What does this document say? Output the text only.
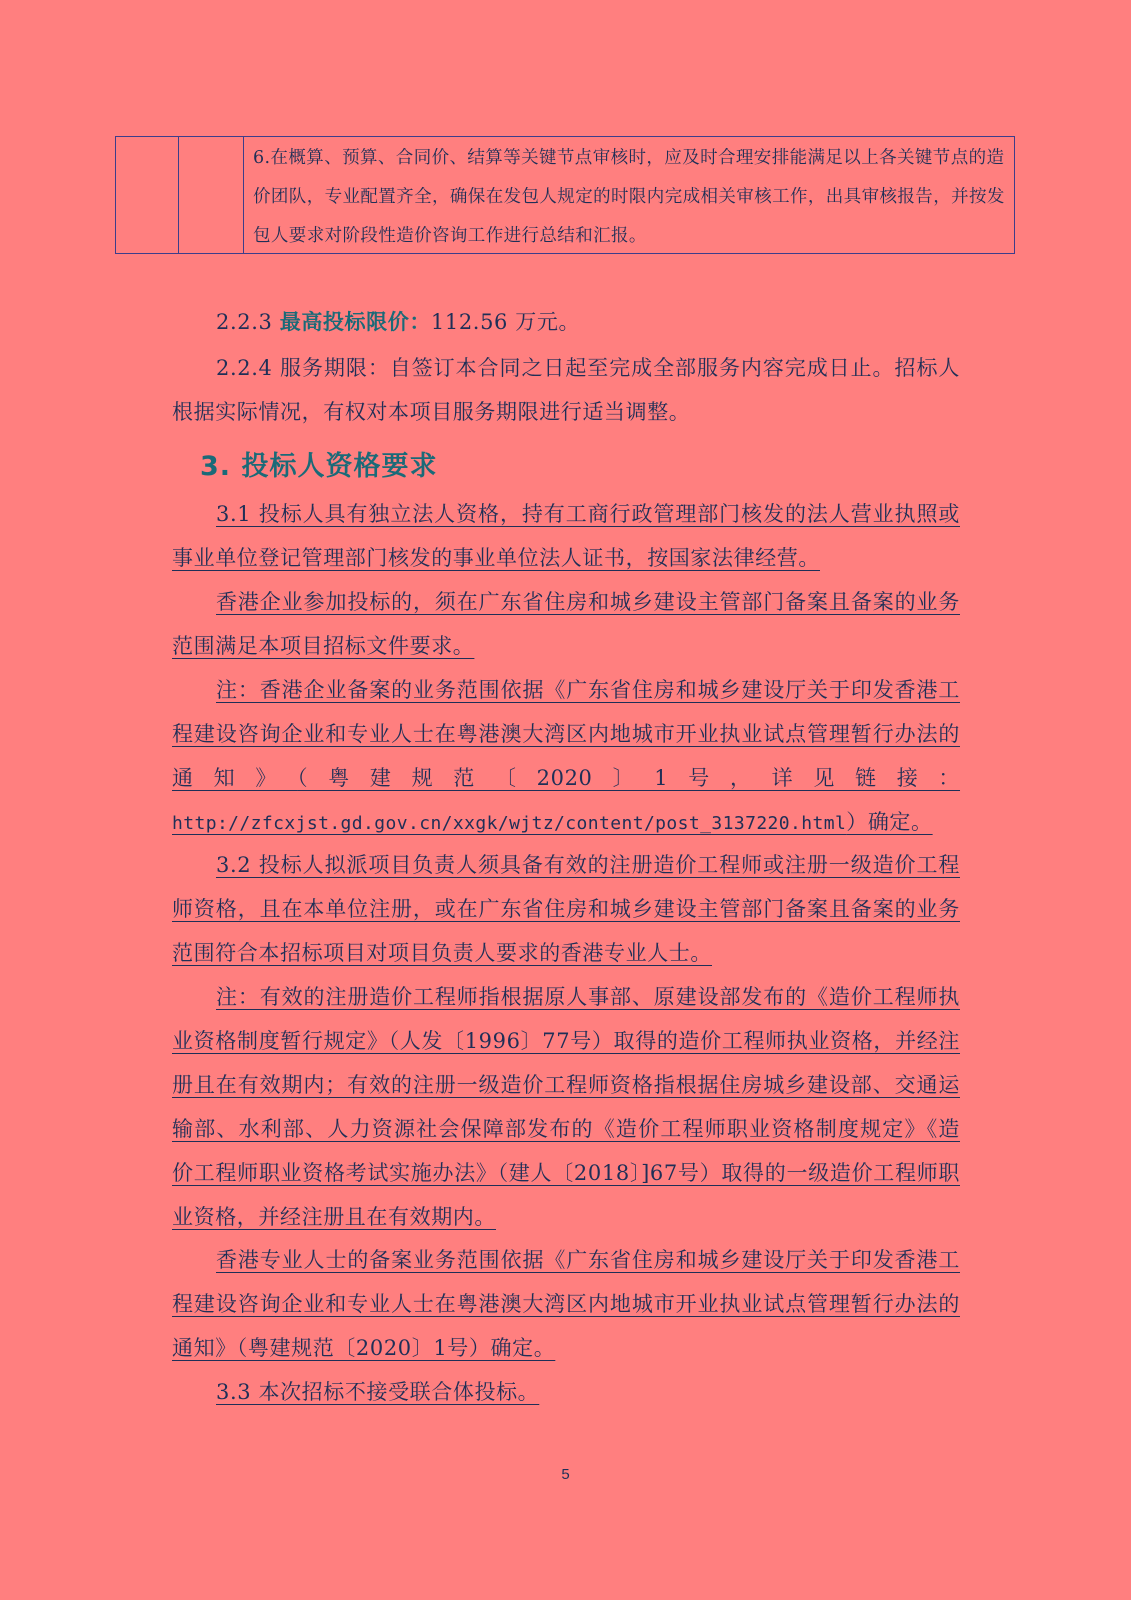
6.在概算、预算、合同价、结算等关键节点审核时，应及时合理安排能满足以上各关键节点的造价团队，专业配置齐全，确保在发包人规定的时限内完成相关审核工作，出具审核报告，并按发包人要求对阶段性造价咨询工作进行总结和汇报。
2.2.3 最高投标限价：112.56 万元。
2.2.4 服务期限：自签订本合同之日起至完成全部服务内容完成日止。招标人根据实际情况，有权对本项目服务期限进行适当调整。
3. 投标人资格要求
3.1 投标人具有独立法人资格，持有工商行政管理部门核发的法人营业执照或事业单位登记管理部门核发的事业单位法人证书，按国家法律经营。
香港企业参加投标的，须在广东省住房和城乡建设主管部门备案且备案的业务范围满足本项目招标文件要求。
注：香港企业备案的业务范围依据《广东省住房和城乡建设厅关于印发香港工程建设咨询企业和专业人士在粤港澳大湾区内地城市开业执业试点管理暂行办法的通知》（粤建规范〔2020〕1号，详见链接：http://zfcxjst.gd.gov.cn/xxgk/wjtz/content/post_3137220.html）确定。
3.2 投标人拟派项目负责人须具备有效的注册造价工程师或注册一级造价工程师资格，且在本单位注册，或在广东省住房和城乡建设主管部门备案且备案的业务范围符合本招标项目对项目负责人要求的香港专业人士。
注：有效的注册造价工程师指根据原人事部、原建设部发布的《造价工程师执业资格制度暂行规定》（人发〔1996〕77号）取得的造价工程师执业资格，并经注册且在有效期内；有效的注册一级造价工程师资格指根据住房城乡建设部、交通运输部、水利部、人力资源社会保障部发布的《造价工程师职业资格制度规定》《造价工程师职业资格考试实施办法》（建人〔2018〕]67号）取得的一级造价工程师职业资格，并经注册且在有效期内。
香港专业人士的备案业务范围依据《广东省住房和城乡建设厅关于印发香港工程建设咨询企业和专业人士在粤港澳大湾区内地城市开业执业试点管理暂行办法的通知》（粤建规范〔2020〕1号）确定。
3.3 本次招标不接受联合体投标。
5
